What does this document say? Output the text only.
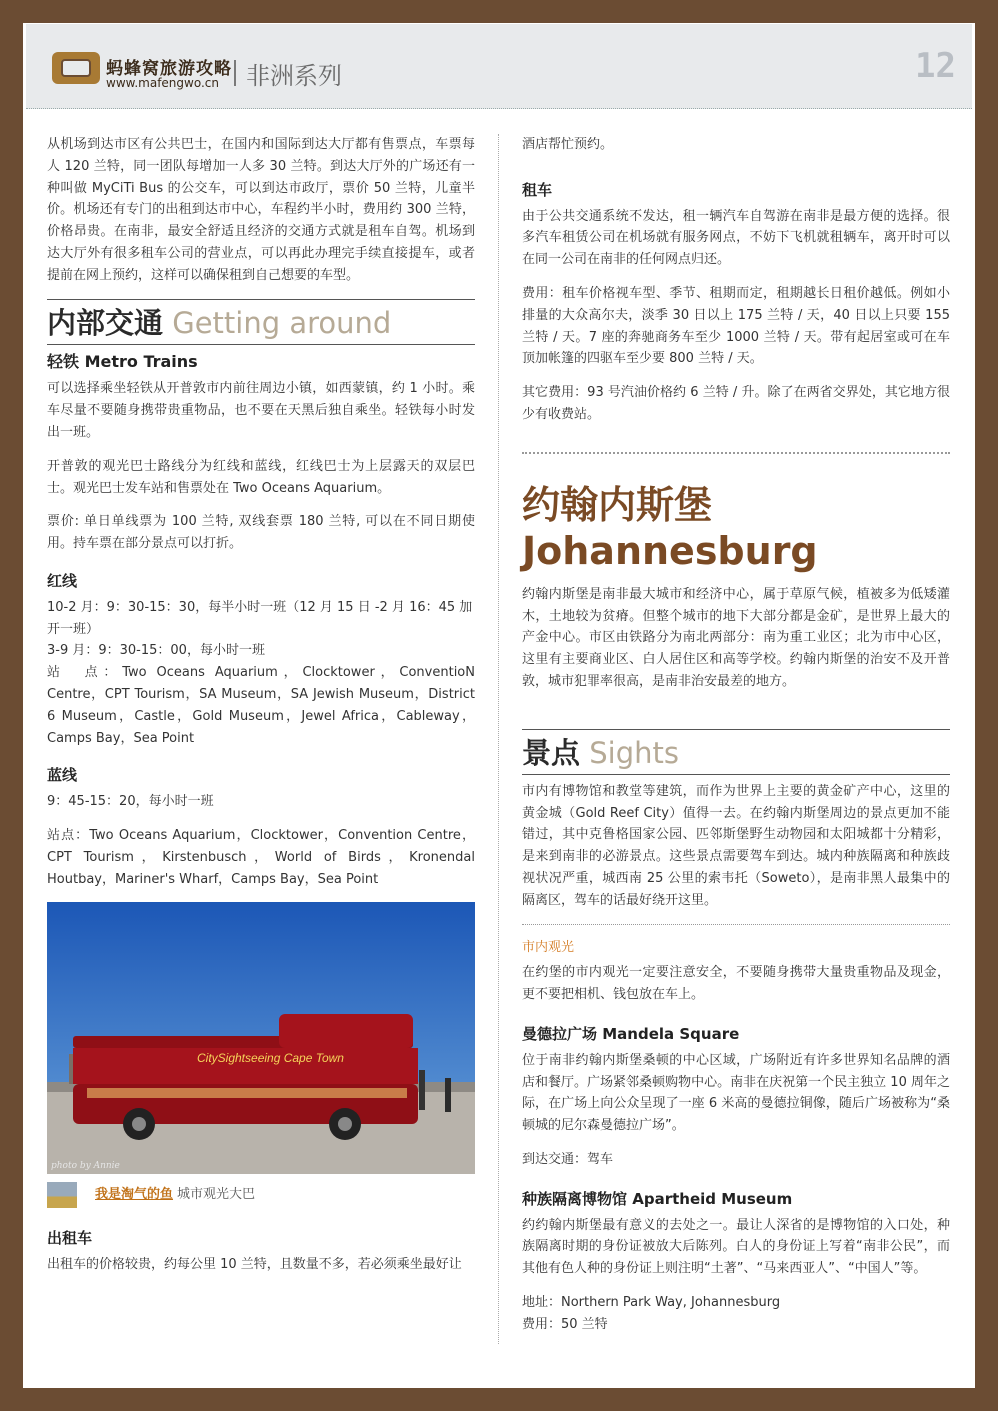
蚂蜂窝旅游攻略
www.mafengwo.cn 非洲系列	12

从机场到达市区有公共巴士，在国内和国际到达大厅都有售票点，车票每人 120 兰特，同一团队每增加一人多 30 兰特。到达大厅外的广场还有一种叫做 MyCiTi Bus 的公交车，可以到达市政厅，票价 50 兰特，儿童半价。机场还有专门的出租到达市中心，车程约半小时，费用约 300 兰特，价格昂贵。在南非，最安全舒适且经济的交通方式就是租车自驾。机场到达大厅外有很多租车公司的营业点，可以再此办理完手续直接提车，或者提前在网上预约，这样可以确保租到自己想要的车型。

内部交通 Getting around
轻铁 Metro Trains

可以选择乘坐轻铁从开普敦市内前往周边小镇，如西蒙镇，约 1 小时。乘车尽量不要随身携带贵重物品，也不要在天黑后独自乘坐。轻铁每小时发出一班。

开普敦的观光巴士路线分为红线和蓝线，红线巴士为上层露天的双层巴士。观光巴士发车站和售票处在 Two Oceans Aquarium。

票价: 单日单线票为 100 兰特, 双线套票 180 兰特, 可以在不同日期使用。持车票在部分景点可以打折。

红线
10-2 月：9：30-15：30，每半小时一班（12 月 15 日 -2 月 16：45 加开一班）
3-9 月：9：30-15：00，每小时一班

站　点：Two Oceans Aquarium，Clocktower，ConventioN Centre，CPT Tourism，SA Museum，SA Jewish Museum，District 6 Museum，Castle，Gold Museum，Jewel Africa，Cableway，Camps Bay，Sea Point

蓝线

9：45-15：20，每小时一班

站点：Two Oceans Aquarium，Clocktower，Convention Centre，CPT Tourism，Kirstenbusch，World of Birds，Kronendal Houtbay，Mariner's Wharf，Camps Bay，Sea Point

CitySightseeing Cape Town
photo by Annie
我是淘气的鱼 城市观光大巴
出租车
出租车的价格较贵，约每公里 10 兰特，且数量不多，若必须乘坐最好让

酒店帮忙预约。

租车

由于公共交通系统不发达，租一辆汽车自驾游在南非是最方便的选择。很多汽车租赁公司在机场就有服务网点，不妨下飞机就租辆车，离开时可以在同一公司在南非的任何网点归还。

费用：租车价格视车型、季节、租期而定，租期越长日租价越低。例如小排量的大众高尔夫，淡季 30 日以上 175 兰特 / 天，40 日以上只要 155 兰特 / 天。7 座的奔驰商务车至少 1000 兰特 / 天。带有起居室或可在车顶加帐篷的四驱车至少要 800 兰特 / 天。

其它费用：93 号汽油价格约 6 兰特 / 升。除了在两省交界处，其它地方很少有收费站。

约翰内斯堡 Johannesburg

约翰内斯堡是南非最大城市和经济中心，属于草原气候，植被多为低矮灌木，土地较为贫瘠。但整个城市的地下大部分都是金矿，是世界上最大的产金中心。市区由铁路分为南北两部分：南为重工业区；北为市中心区，这里有主要商业区、白人居住区和高等学校。约翰内斯堡的治安不及开普敦，城市犯罪率很高，是南非治安最差的地方。

景点 Sights

市内有博物馆和教堂等建筑，而作为世界上主要的黄金矿产中心，这里的黄金城（Gold Reef City）值得一去。在约翰内斯堡周边的景点更加不能错过，其中克鲁格国家公园、匹邻斯堡野生动物园和太阳城都十分精彩，是来到南非的必游景点。这些景点需要驾车到达。城内种族隔离和种族歧视状况严重，城西南 25 公里的索韦托（Soweto），是南非黑人最集中的隔离区，驾车的话最好绕开这里。

市内观光

在约堡的市内观光一定要注意安全，不要随身携带大量贵重物品及现金，更不要把相机、钱包放在车上。

曼德拉广场 Mandela Square

位于南非约翰内斯堡桑顿的中心区域，广场附近有许多世界知名品牌的酒店和餐厅。广场紧邻桑顿购物中心。南非在庆祝第一个民主独立 10 周年之际，在广场上向公众呈现了一座 6 米高的曼德拉铜像，随后广场被称为“桑顿城的尼尔森曼德拉广场”。

到达交通：驾车

种族隔离博物馆 Apartheid Museum

约约翰内斯堡最有意义的去处之一。最让人深省的是博物馆的入口处，种族隔离时期的身份证被放大后陈列。白人的身份证上写着“南非公民”，而其他有色人种的身份证上则注明“土著”、“马来西亚人”、“中国人”等。

地址：Northern Park Way, Johannesburg
费用：50 兰特
